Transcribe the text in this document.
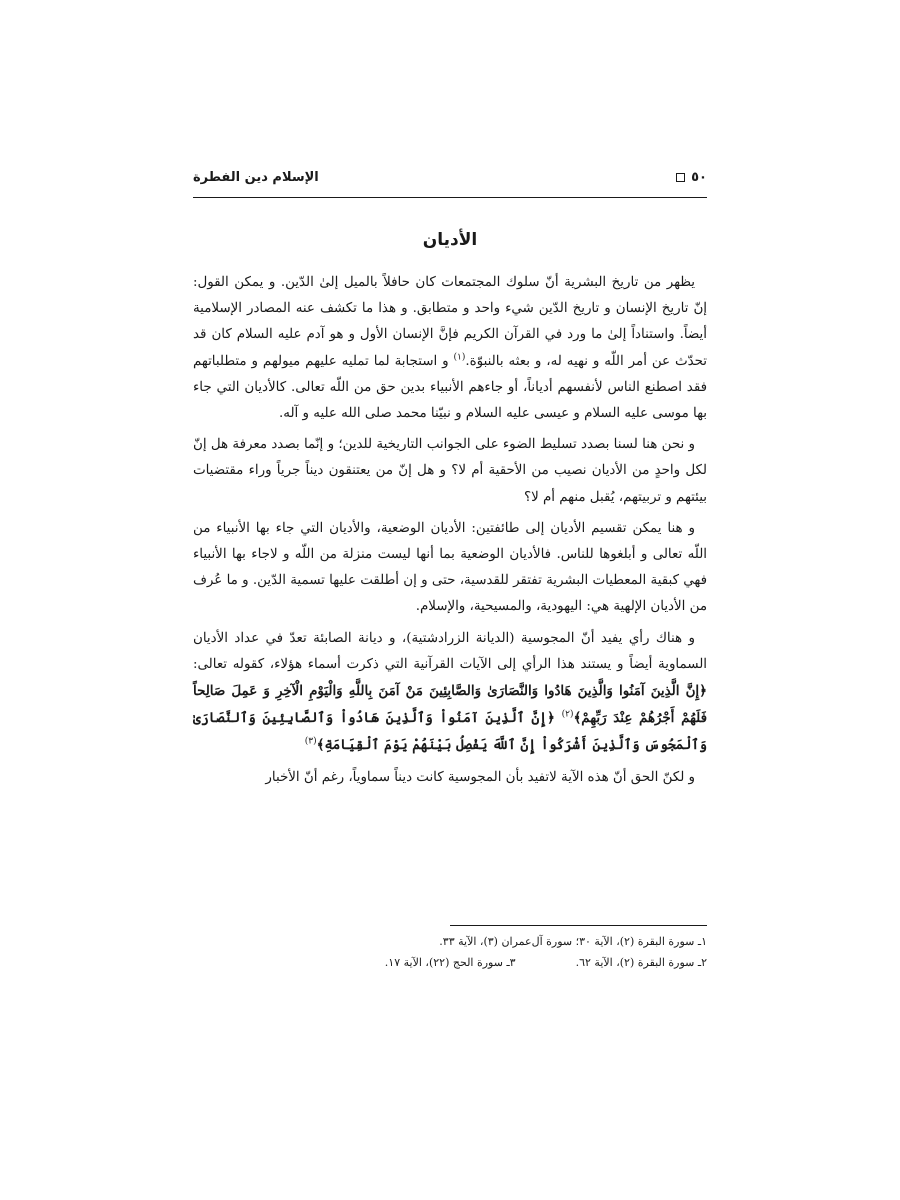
٥٠
الإسلام دين الفطرة
الأديان

يظهر من تاريخ البشرية أنّ سلوك المجتمعات كان حافلاً بالميل إلىٰ الدّين. و يمكن القول: إنّ تاريخ الإنسان و تاريخ الدّين شيء واحد و متطابق. و هذا ما تكشف عنه المصادر الإسلامية أيضاً. واستناداً إلىٰ ما ورد في القرآن الكريم فإنَّ الإنسان الأول و هو آدم عليه السلام كان قد تحدّث عن أمر اللّه و نهيه له، و بعثه بالنبوّة.$^{(١)}$ و استجابة لما تمليه عليهم ميولهم و متطلباتهم فقد اصطنع الناس لأنفسهم أدياناً، أو جاءهم الأنبياء بدين حق من اللّه تعالى. كالأديان التي جاء بها موسى عليه السلام و عيسى عليه السلام و نبيّنا محمد صلى الله عليه و آله.

و نحن هنا لسنا بصدد تسليط الضوء على الجوانب التاريخية للدين؛ و إنّما بصدد معرفة هل إنّ لكل واحدٍ من الأديان نصيب من الأحقية أم لا؟ و هل إنّ من يعتنقون ديناً جرياً وراء مقتضيات بيئتهم و تربيتهم، يُقبل منهم أم لا؟

و هنا يمكن تقسيم الأديان إلى طائفتين: الأديان الوضعية، والأديان التي جاء بها الأنبياء من اللّه تعالى و أبلغوها للناس. فالأديان الوضعية بما أنها ليست منزلة من اللّه و لاجاء بها الأنبياء فهي كبقية المعطيات البشرية تفتقر للقدسية، حتى و إن أطلقت عليها تسمية الدّين. و ما عُرف من الأديان الإلهية هي: اليهودية، والمسيحية، والإسلام.

و هناك رأي يفيد أنّ المجوسية (الديانة الزرادشتية)، و ديانة الصابئة تعدّ في عداد الأديان السماوية أيضاً و يستند هذا الرأي إلى الآيات القرآنية التي ذكرت أسماء هؤلاء، كقوله تعالى: ﴿إِنَّ الَّذِينَ آمَنُوا وَالَّذِينَ هَادُوا وَالنَّصَارَىٰ وَالصَّابِئِينَ مَنْ آمَنَ بِاللَّهِ وَالْيَوْمِ الْآخِرِ وَ عَمِلَ صَالِحاً فَلَهُمْ أَجْرُهُمْ عِنْدَ رَبِّهِمْ﴾$^{(٢)}$ ﴿إِنَّ ٱلَّذِينَ آمَنُواْ وَٱلَّذِينَ هَادُواْ وَٱلصَّابِئِينَ وَٱلنَّصَارَىٰ وَٱلْمَجُوسَ وَٱلَّذِينَ أَشْرَكُواْ إِنَّ ٱللَّهَ يَفْصِلُ بَيْنَهُمْ يَوْمَ ٱلْقِيَامَةِ﴾$^{(٣)}$

و لكنّ الحق أنّ هذه الآية لاتفيد بأن المجوسية كانت ديناً سماوياً، رغم أنّ الأخبار

١ـ سورة البقرة (٢)، الآية ٣٠؛ سورة آل‌عمران (٣)، الآية ٣٣.
٢ـ سورة البقرة (٢)، الآية ٦٢.
٣ـ سورة الحج (٢٢)، الآية ١٧.
